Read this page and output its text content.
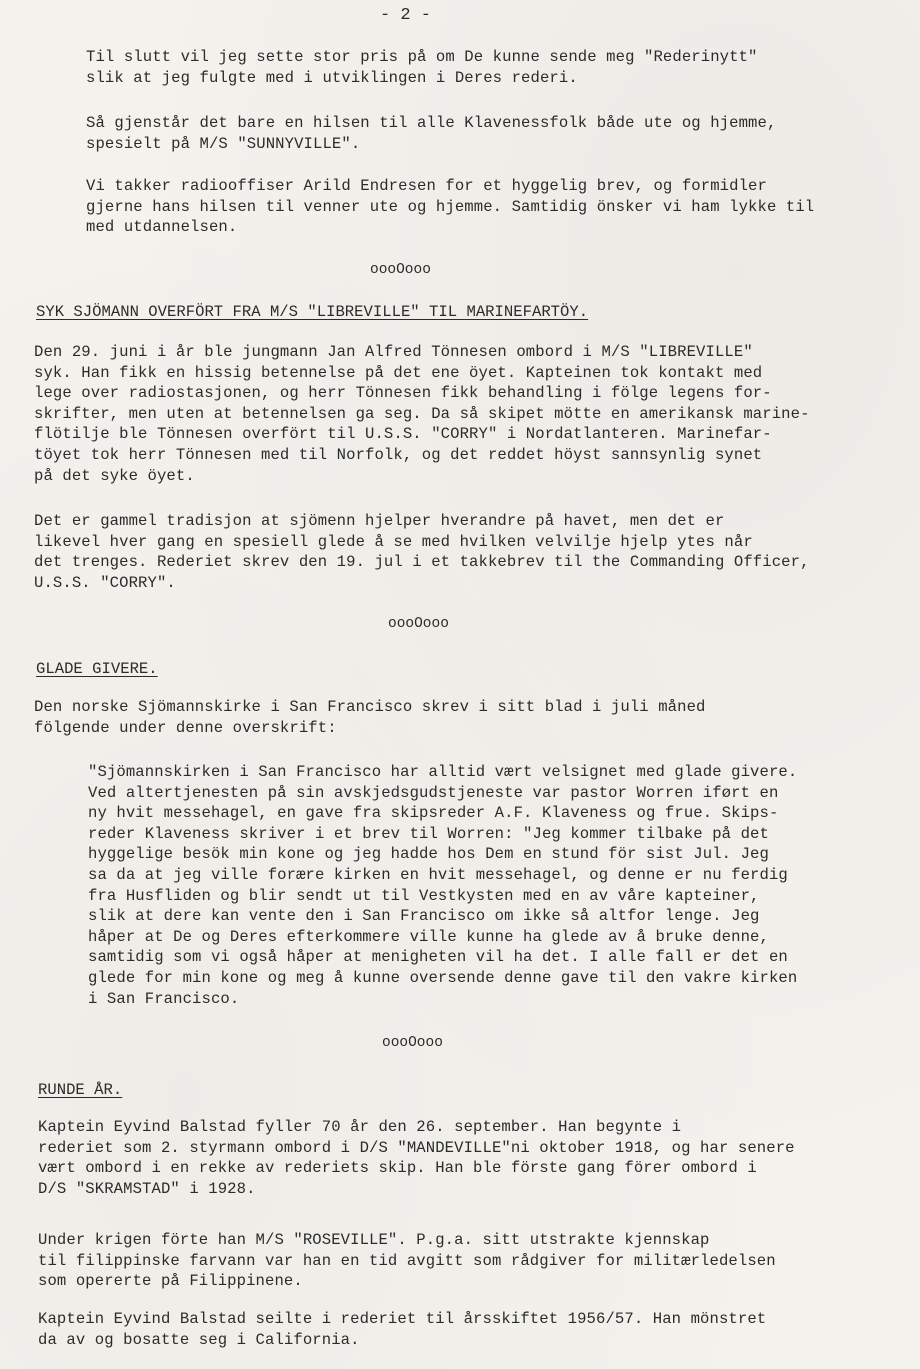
- 2 -
Til slutt vil jeg sette stor pris på om De kunne sende meg "Rederinytt"
slik at jeg fulgte med i utviklingen i Deres rederi.
Så gjenstår det bare en hilsen til alle Klavenessfolk både ute og hjemme,
spesielt på M/S "SUNNYVILLE".
Vi takker radiooffiser Arild Endresen for et hyggelig brev, og formidler
gjerne hans hilsen til venner ute og hjemme. Samtidig önsker vi ham lykke til
med utdannelsen.
oooOooo
SYK SJÖMANN OVERFÖRT FRA M/S "LIBREVILLE" TIL MARINEFARTÖY.
Den 29. juni i år ble jungmann Jan Alfred Tönnesen ombord i M/S "LIBREVILLE"
syk. Han fikk en hissig betennelse på det ene öyet. Kapteinen tok kontakt med
lege over radiostasjonen, og herr Tönnesen fikk behandling i fölge legens for-
skrifter, men uten at betennelsen ga seg. Da så skipet mötte en amerikansk marine-
flötilje ble Tönnesen overfört til U.S.S. "CORRY" i Nordatlanteren. Marinefar-
töyet tok herr Tönnesen med til Norfolk, og det reddet höyst sannsynlig synet
på det syke öyet.
Det er gammel tradisjon at sjömenn hjelper hverandre på havet, men det er
likevel hver gang en spesiell glede å se med hvilken velvilje hjelp ytes når
det trenges. Rederiet skrev den 19. jul i et takkebrev til the Commanding Officer,
U.S.S. "CORRY".
oooOooo
GLADE GIVERE.
Den norske Sjömannskirke i San Francisco skrev i sitt blad i juli måned
fölgende under denne overskrift:
"Sjömannskirken i San Francisco har alltid vært velsignet med glade givere.
Ved altertjenesten på sin avskjedsgudstjeneste var pastor Worren iført en
ny hvit messehagel, en gave fra skipsreder A.F. Klaveness og frue. Skips-
reder Klaveness skriver i et brev til Worren: "Jeg kommer tilbake på det
hyggelige besök min kone og jeg hadde hos Dem en stund för sist Jul. Jeg
sa da at jeg ville forære kirken en hvit messehagel, og denne er nu ferdig
fra Husfliden og blir sendt ut til Vestkysten med en av våre kapteiner,
slik at dere kan vente den i San Francisco om ikke så altfor lenge. Jeg
håper at De og Deres efterkommere ville kunne ha glede av å bruke denne,
samtidig som vi også håper at menigheten vil ha det. I alle fall er det en
glede for min kone og meg å kunne oversende denne gave til den vakre kirken
i San Francisco.
oooOooo
RUNDE ÅR.
Kaptein Eyvind Balstad fyller 70 år den 26. september. Han begynte i
rederiet som 2. styrmann ombord i D/S "MANDEVILLE"ni oktober 1918, og har senere
vært ombord i en rekke av rederiets skip. Han ble förste gang förer ombord i
D/S "SKRAMSTAD" i 1928.
Under krigen förte han M/S "ROSEVILLE". P.g.a. sitt utstrakte kjennskap
til filippinske farvann var han en tid avgitt som rådgiver for militærledelsen
som opererte på Filippinene.
Kaptein Eyvind Balstad seilte i rederiet til årsskiftet 1956/57. Han mönstret
da av og bosatte seg i California.
